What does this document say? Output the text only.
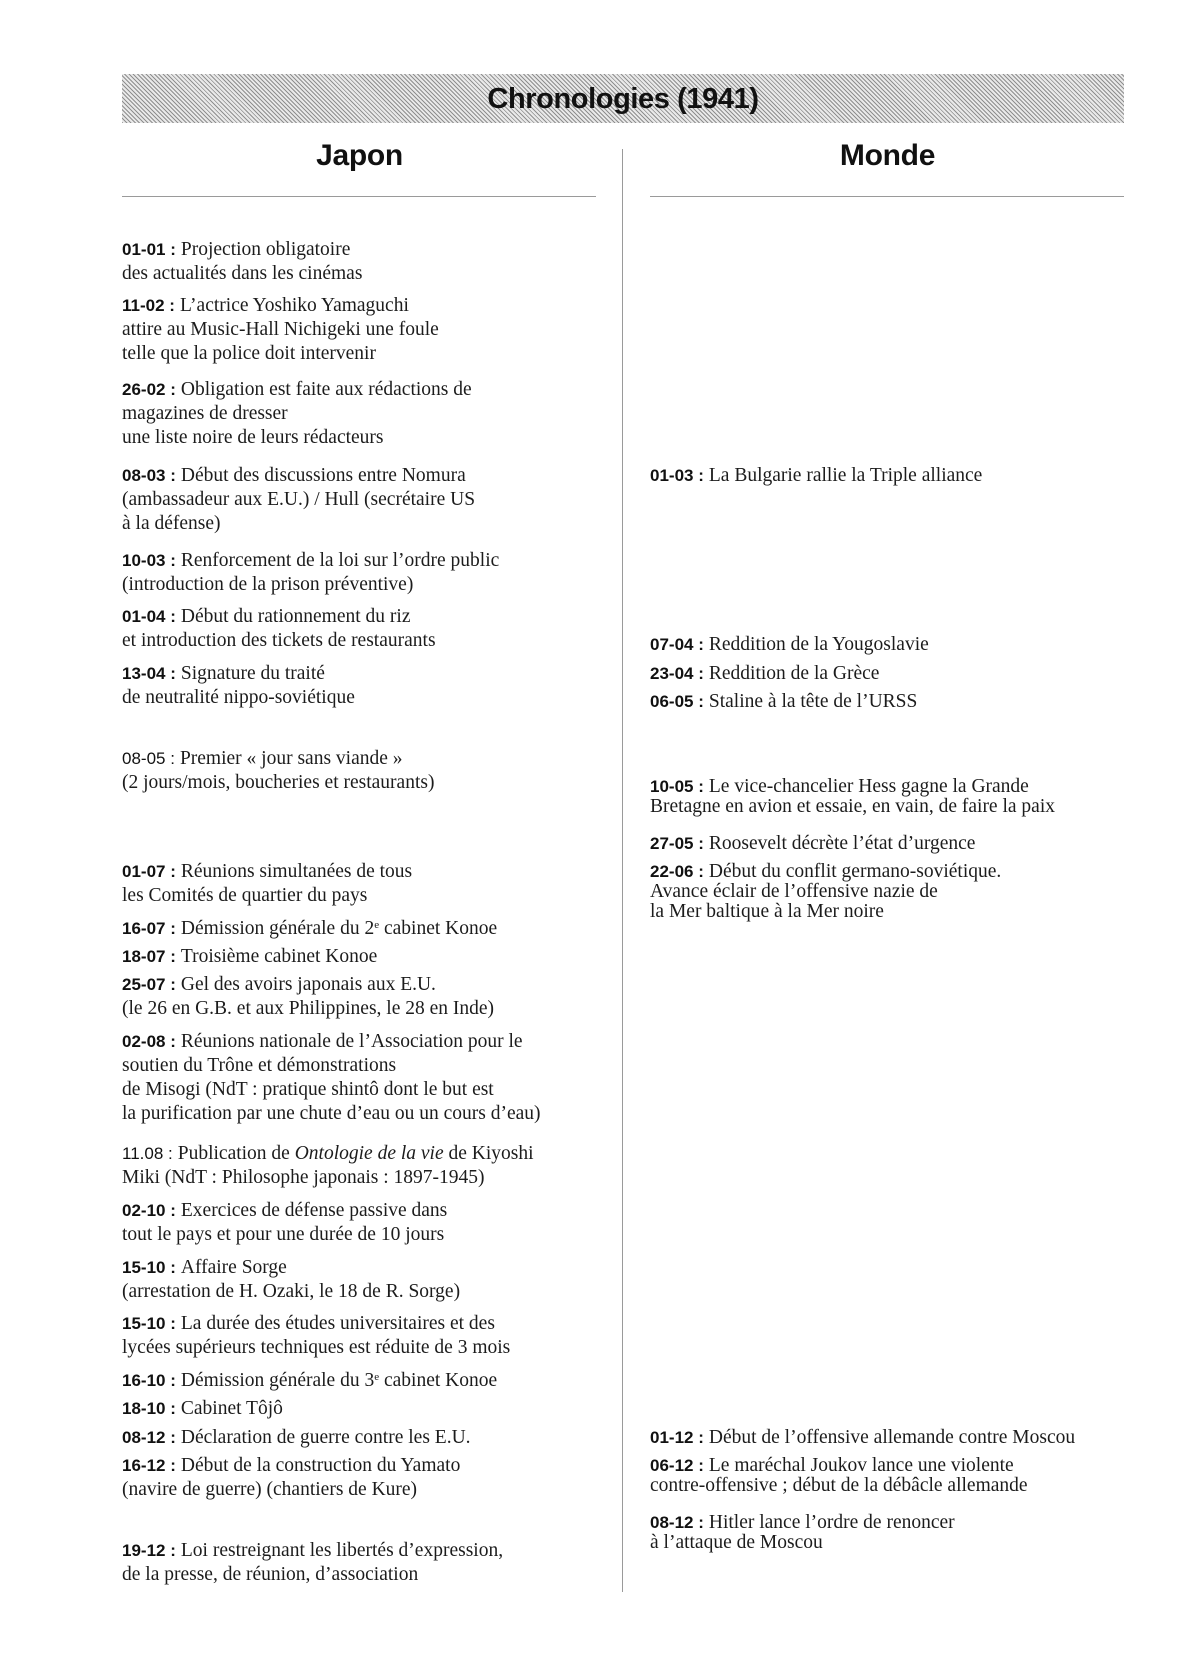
Chronologies (1941)
Japon	Monde
01-01 : Projection obligatoire
des actualités dans les cinémas
11-02 : L’actrice Yoshiko Yamaguchi
attire au Music-Hall Nichigeki une foule
telle que la police doit intervenir
26-02 : Obligation est faite aux rédactions de
magazines de dresser
une liste noire de leurs rédacteurs
08-03 : Début des discussions entre Nomura
(ambassadeur aux E.U.) / Hull (secrétaire US
à la défense)
10-03 : Renforcement de la loi sur l’ordre public
(introduction de la prison préventive)
01-04 : Début du rationnement du riz
et introduction des tickets de restaurants
13-04 : Signature du traité
de neutralité nippo-soviétique
08-05 : Premier « jour sans viande »
(2 jours/mois, boucheries et restaurants)
01-07 : Réunions simultanées de tous
les Comités de quartier du pays
16-07 : Démission générale du 2e cabinet Konoe
18-07 : Troisième cabinet Konoe
25-07 : Gel des avoirs japonais aux E.U.
(le 26 en G.B. et aux Philippines, le 28 en Inde)
02-08 : Réunions nationale de l’Association pour le
soutien du Trône et démonstrations
de Misogi (NdT : pratique shintô dont le but est
la purification par une chute d’eau ou un cours d’eau)
11.08 : Publication de Ontologie de la vie de Kiyoshi
Miki (NdT : Philosophe japonais : 1897-1945)
02-10 : Exercices de défense passive dans
tout le pays et pour une durée de 10 jours
15-10 : Affaire Sorge
(arrestation de H. Ozaki, le 18 de R. Sorge)
15-10 : La durée des études universitaires et des
lycées supérieurs techniques est réduite de 3 mois
16-10 : Démission générale du 3e cabinet Konoe
18-10 : Cabinet Tôjô
08-12 : Déclaration de guerre contre les E.U.
16-12 : Début de la construction du Yamato
(navire de guerre) (chantiers de Kure)
19-12 : Loi restreignant les libertés d’expression,
de la presse, de réunion, d’association
01-03 : La Bulgarie rallie la Triple alliance
07-04 : Reddition de la Yougoslavie
23-04 : Reddition de la Grèce
06-05 : Staline à la tête de l’URSS
10-05 : Le vice-chancelier Hess gagne la Grande
Bretagne en avion et essaie, en vain, de faire la paix
27-05 : Roosevelt décrète l’état d’urgence
22-06 : Début du conflit germano-soviétique.
Avance éclair de l’offensive nazie de
la Mer baltique à la Mer noire
01-12 : Début de l’offensive allemande contre Moscou
06-12 : Le maréchal Joukov lance une violente
contre-offensive ; début de la débâcle allemande
08-12 : Hitler lance l’ordre de renoncer
à l’attaque de Moscou
